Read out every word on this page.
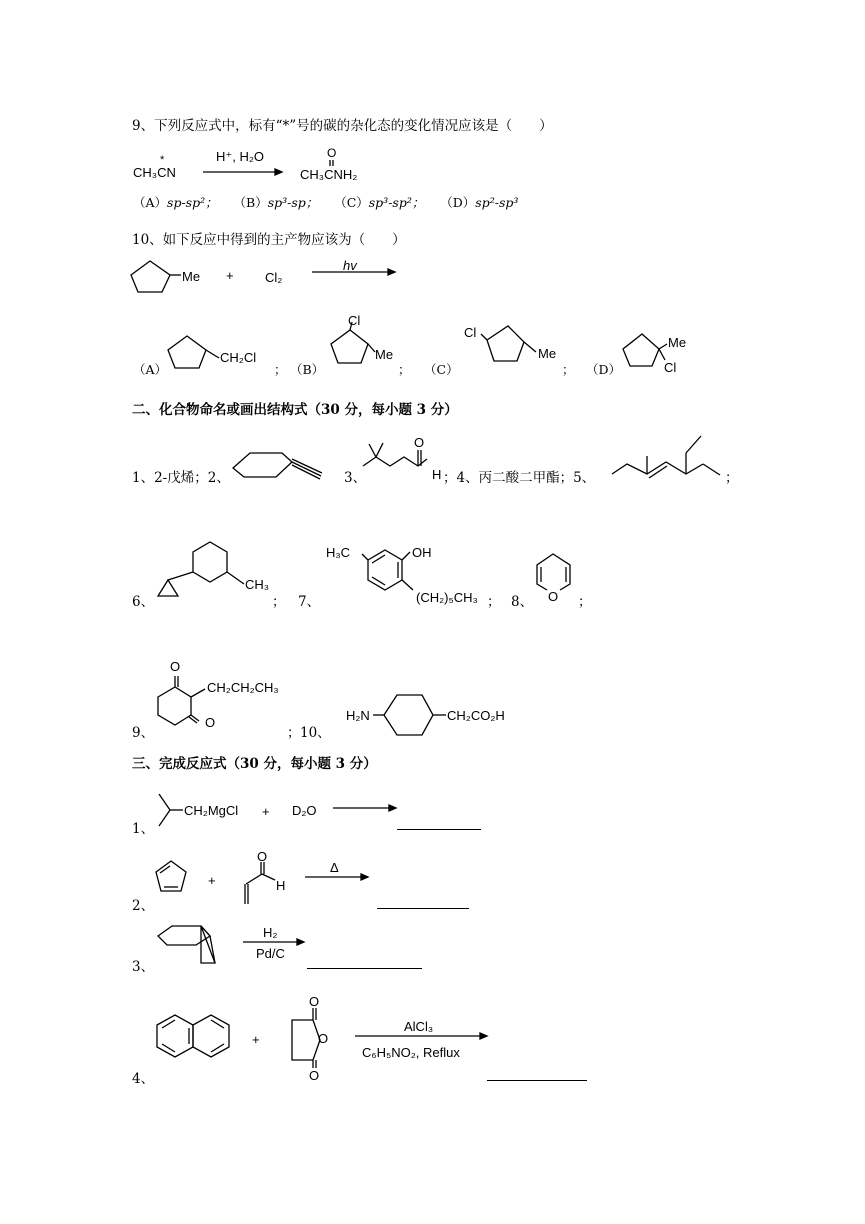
9、下列反应式中，标有“*”号的碳的杂化态的变化情况应该是（　　）
CH₃CN
*	H⁺, H₂O	O
CH₃CNH₂
（A）sp-sp²； （B）sp³-sp； （C）sp³-sp²； （D）sp²-sp³
10、如下反应中得到的主产物应该为（　　）
Me + Cl₂
hv
（A）
CH₂Cl
； （B）
Cl
Me
； （C）
Cl
Me
； （D）
Me
Cl
二、化合物命名或画出结构式（30 分，每小题 3 分）
1、2-戊烯；2、	3、
O
H ；4、丙二酸二甲酯；5、	；
6、
CH₃
； 7、
H₃C	OH
(CH₂)₅CH₃ ； 8、 O ；
9、
O
O
CH₂CH₂CH₃
； 10、
H₂N	CH₂CO₂H
三、完成反应式（30 分，每小题 3 分）
1、
CH₂MgCl + D₂O
2、
+
O
H
Δ
3、
H₂
Pd/C
4、
+
O
O
O
AlCl₃
C₆H₅NO₂, Reflux
